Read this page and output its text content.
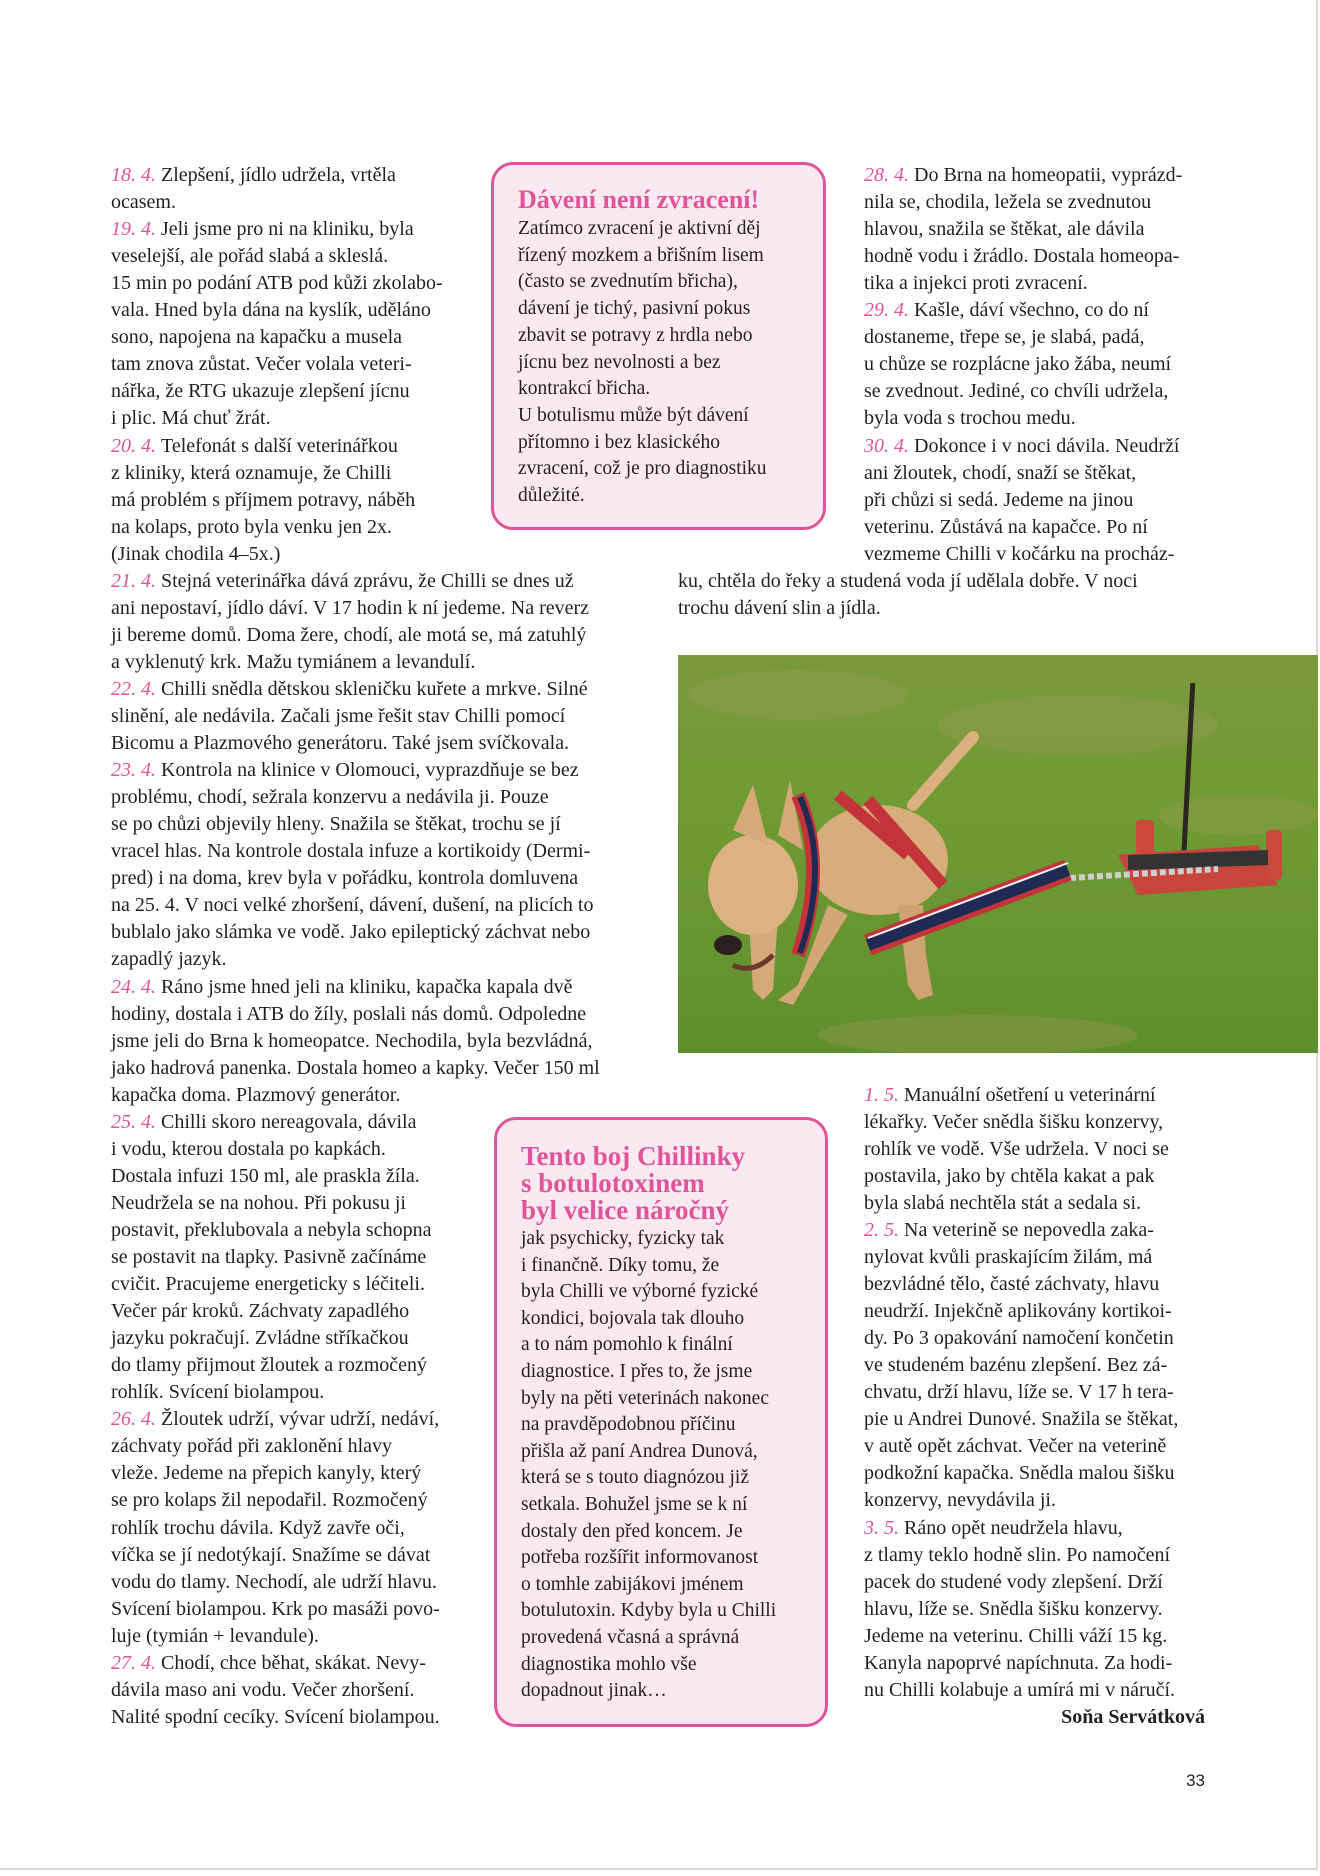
18. 4. Zlepšení, jídlo udržela, vrtěla
ocasem.
19. 4. Jeli jsme pro ni na kliniku, byla
veselejší, ale pořád slabá a skleslá.
15 min po podání ATB pod kůži zkolabo-
vala. Hned byla dána na kyslík, uděláno
sono, napojena na kapačku a musela
tam znova zůstat. Večer volala veteri-
nářka, že RTG ukazuje zlepšení jícnu
i plic. Má chuť žrát.
20. 4. Telefonát s další veterinářkou
z kliniky, která oznamuje, že Chilli
má problém s příjmem potravy, náběh
na kolaps, proto byla venku jen 2x.
(Jinak chodila 4–5x.)
21. 4. Stejná veterinářka dává zprávu, že Chilli se dnes už
ani nepostaví, jídlo dáví. V 17 hodin k ní jedeme. Na reverz
ji bereme domů. Doma žere, chodí, ale motá se, má zatuhlý
a vyklenutý krk. Mažu tymiánem a levandulí.
22. 4. Chilli snědla dětskou skleničku kuřete a mrkve. Silné
slinění, ale nedávila. Začali jsme řešit stav Chilli pomocí
Bicomu a Plazmového generátoru. Také jsem svíčkovala.
23. 4. Kontrola na klinice v Olomouci, vyprazdňuje se bez
problému, chodí, sežrala konzervu a nedávila ji. Pouze
se po chůzi objevily hleny. Snažila se štěkat, trochu se jí
vracel hlas. Na kontrole dostala infuze a kortikoidy (Dermi-
pred) i na doma, krev byla v pořádku, kontrola domluvena
na 25. 4. V noci velké zhoršení, dávení, dušení, na plicích to
bublalo jako slámka ve vodě. Jako epileptický záchvat nebo
zapadlý jazyk.
24. 4. Ráno jsme hned jeli na kliniku, kapačka kapala dvě
hodiny, dostala i ATB do žíly, poslali nás domů. Odpoledne
jsme jeli do Brna k homeopatce. Nechodila, byla bezvládná,
jako hadrová panenka. Dostala homeo a kapky. Večer 150 ml
kapačka doma. Plazmový generátor.
25. 4. Chilli skoro nereagovala, dávila
i vodu, kterou dostala po kapkách.
Dostala infuzi 150 ml, ale praskla žíla.
Neudržela se na nohou. Při pokusu ji
postavit, překlubovala a nebyla schopna
se postavit na tlapky. Pasivně začínáme
cvičit. Pracujeme energeticky s léčiteli.
Večer pár kroků. Záchvaty zapadlého
jazyku pokračují. Zvládne stříkačkou
do tlamy přijmout žloutek a rozmočený
rohlík. Svícení biolampou.
26. 4. Žloutek udrží, vývar udrží, nedáví,
záchvaty pořád při zaklonění hlavy
vleže. Jedeme na přepich kanyly, který
se pro kolaps žil nepodařil. Rozmočený
rohlík trochu dávila. Když zavře oči,
víčka se jí nedotýkají. Snažíme se dávat
vodu do tlamy. Nechodí, ale udrží hlavu.
Svícení biolampou. Krk po masáži povo-
luje (tymián + levandule).
27. 4. Chodí, chce běhat, skákat. Nevy-
dávila maso ani vodu. Večer zhoršení.
Nalité spodní cecíky. Svícení biolampou.
28. 4. Do Brna na homeopatii, vyprázd-
nila se, chodila, ležela se zvednutou
hlavou, snažila se štěkat, ale dávila
hodně vodu i žrádlo. Dostala homeopa-
tika a injekci proti zvracení.
29. 4. Kašle, dáví všechno, co do ní
dostaneme, třepe se, je slabá, padá,
u chůze se rozplácne jako žába, neumí
se zvednout. Jediné, co chvíli udržela,
byla voda s trochou medu.
30. 4. Dokonce i v noci dávila. Neudrží
ani žloutek, chodí, snaží se štěkat,
při chůzi si sedá. Jedeme na jinou
veterinu. Zůstává na kapačce. Po ní
vezmeme Chilli v kočárku na procház-
ku, chtěla do řeky a studená voda jí udělala dobře. V noci
trochu dávení slin a jídla.
1. 5. Manuální ošetření u veterinární
lékařky. Večer snědla šišku konzervy,
rohlík ve vodě. Vše udržela. V noci se
postavila, jako by chtěla kakat a pak
byla slabá nechtěla stát a sedala si.
2. 5. Na veterině se nepovedla zaka-
nylovat kvůli praskajícím žilám, má
bezvládné tělo, časté záchvaty, hlavu
neudrží. Injekčně aplikovány kortikoi-
dy. Po 3 opakování namočení končetin
ve studeném bazénu zlepšení. Bez zá-
chvatu, drží hlavu, líže se. V 17 h tera-
pie u Andrei Dunové. Snažila se štěkat,
v autě opět záchvat. Večer na veterině
podkožní kapačka. Snědla malou šišku
konzervy, nevydávila ji.
3. 5. Ráno opět neudržela hlavu,
z tlamy teklo hodně slin. Po namočení
pacek do studené vody zlepšení. Drží
hlavu, líže se. Snědla šišku konzervy.
Jedeme na veterinu. Chilli váží 15 kg.
Kanyla napoprvé napíchnuta. Za hodi-
nu Chilli kolabuje a umírá mi v náručí.
Dávení není zvracení!
Zatímco zvracení je aktivní děj
řízený mozkem a břišním lisem
(často se zvednutím břicha),
dávení je tichý, pasivní pokus
zbavit se potravy z hrdla nebo
jícnu bez nevolnosti a bez
kontrakcí břicha.
U botulismu může být dávení
přítomno i bez klasického
zvracení, což je pro diagnostiku
důležité.
Tento boj Chillinky
s botulotoxinem
byl velice náročný
jak psychicky, fyzicky tak
i finančně. Díky tomu, že
byla Chilli ve výborné fyzické
kondici, bojovala tak dlouho
a to nám pomohlo k finální
diagnostice. I přes to, že jsme
byly na pěti veterinách nakonec
na pravděpodobnou příčinu
přišla až paní Andrea Dunová,
která se s touto diagnózou již
setkala. Bohužel jsme se k ní
dostaly den před koncem. Je
potřeba rozšířit informovanost
o tomhle zabijákovi jménem
botulutoxin. Kdyby byla u Chilli
provedená včasná a správná
diagnostika mohlo vše
dopadnout jinak…
Soňa Servátková
33
